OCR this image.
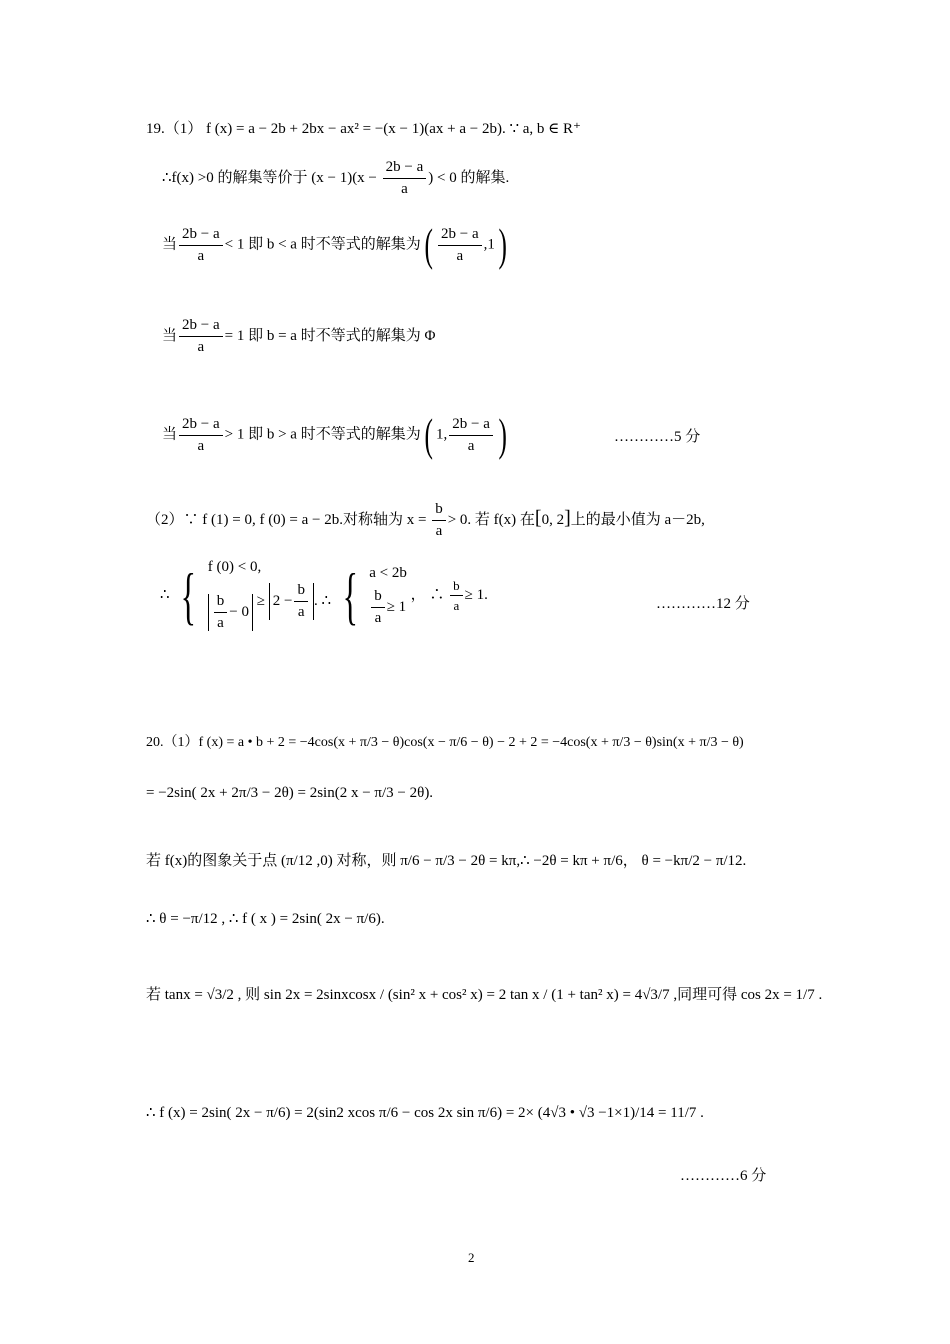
19.（1） f (x) = a − 2b + 2bx − ax² = −(x − 1)(ax + a − 2b). ∵ a, b ∈ R⁺
∴f(x) >0 的解集等价于 $(x - 1)(x - \frac{2b - a}{a}$ ) < 0 的解集.
当 $\frac{2b - a}{a} < 1$ 即 b < a 时不等式的解集为( $\frac{2b - a}{a} ,1$)
当 $\frac{2b - a}{a} = 1$ 即 b = a 时不等式的解集为 Φ
当 $\frac{2b - a}{a} > 1$ 即 b > a 时不等式的解集为( 1, $\frac{2b - a}{a}$ )	…………5 分
（2）∵ f (1) = 0, f (0) = a − 2b.对称轴为 $x = \frac{b}{a} > 0$. 若 f(x) 在[0, 2]上的最小值为 a－2b,
∴ { f (0) < 0,
$\frac{b}{a} - 0$
≥ $2 - \frac{b}{a}$ . ∴ { a < 2b
$\frac{b}{a} \ge 1$
， ∴ $\frac{b}{a} \ge 1$.
…………12 分
20.（1）f (x) = a • b + 2 = −4cos(x + π/3 − θ)cos(x − π/6 − θ) − 2 + 2 = −4cos(x + π/3 − θ)sin(x + π/3 − θ)
= −2sin( 2x + 2π/3 − 2θ) = 2sin(2 x − π/3 − 2θ).
若 f(x)的图象关于点 (π/12 ,0) 对称，则 π/6 − π/3 − 2θ = kπ,∴ −2θ = kπ + π/6， θ = −kπ/2 − π/12.
∴ θ = −π/12 , ∴ f ( x ) = 2sin( 2x − π/6).
若 tanx = √3/2 , 则 sin 2x = 2sinxcosx / (sin² x + cos² x) = 2 tan x / (1 + tan² x) = 4√3/7 ,同理可得 cos 2x = 1/7 .
∴ f (x) = 2sin( 2x − π/6) = 2(sin2 xcos π/6 − cos 2x sin π/6) = 2× (4√3 • √3 −1×1)/14 = 11/7 .
…………6 分
2
